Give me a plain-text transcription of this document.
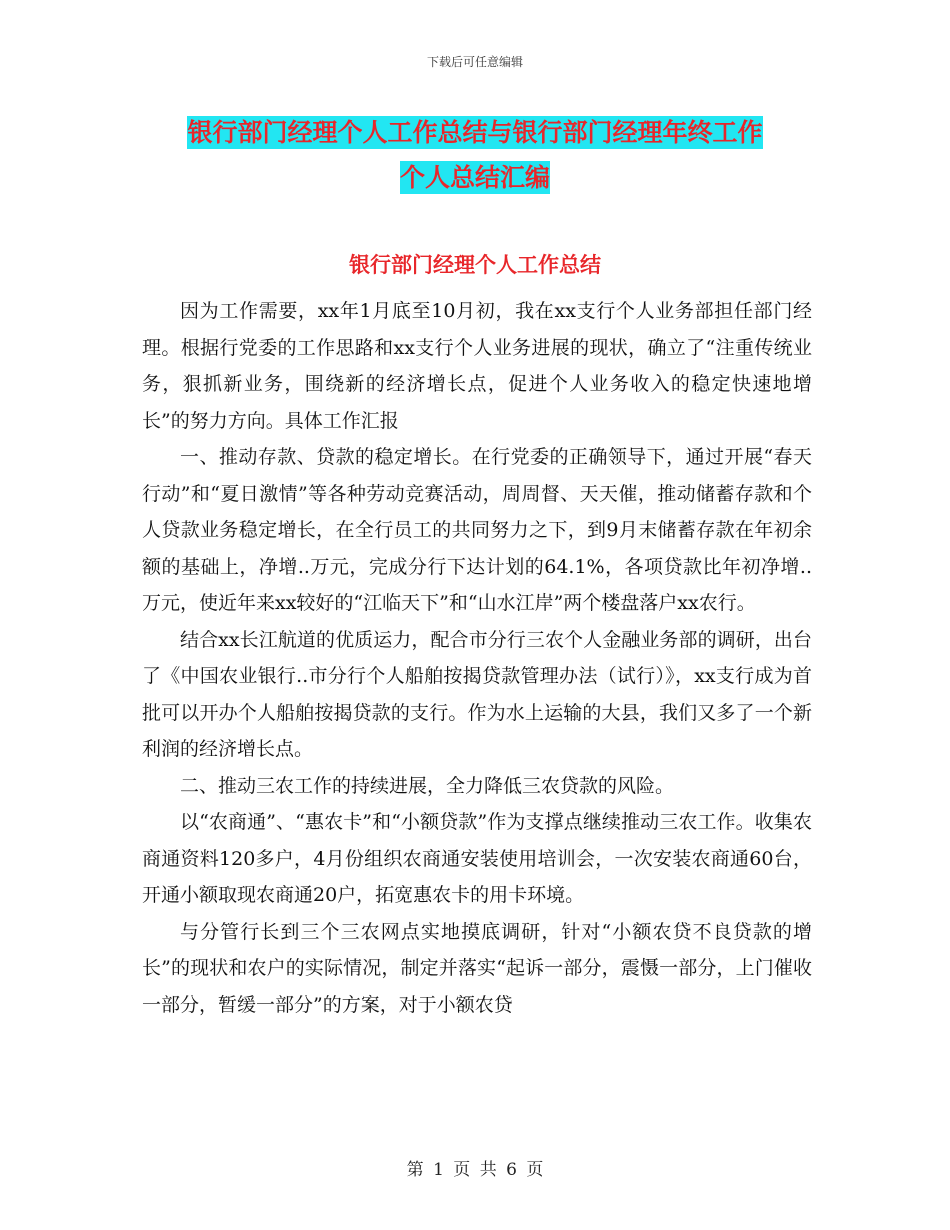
下载后可任意编辑
银行部门经理个人工作总结与银行部门经理年终工作
个人总结汇编
银行部门经理个人工作总结

因为工作需要，xx年1月底至10月初，我在xx支行个人业务部担任部门经理。根据行党委的工作思路和xx支行个人业务进展的现状，确立了“注重传统业务，狠抓新业务，围绕新的经济增长点，促进个人业务收入的稳定快速地增长”的努力方向。具体工作汇报

一、推动存款、贷款的稳定增长。在行党委的正确领导下，通过开展“春天行动”和“夏日激情”等各种劳动竞赛活动，周周督、天天催，推动储蓄存款和个人贷款业务稳定增长，在全行员工的共同努力之下，到9月末储蓄存款在年初余额的基础上，净增..万元，完成分行下达计划的64.1%，各项贷款比年初净增..万元，使近年来xx较好的“江临天下”和“山水江岸”两个楼盘落户xx农行。

结合xx长江航道的优质运力，配合市分行三农个人金融业务部的调研，出台了《中国农业银行..市分行个人船舶按揭贷款管理办法（试行）》，xx支行成为首批可以开办个人船舶按揭贷款的支行。作为水上运输的大县，我们又多了一个新利润的经济增长点。

二、推动三农工作的持续进展，全力降低三农贷款的风险。

以“农商通”、“惠农卡”和“小额贷款”作为支撑点继续推动三农工作。收集农商通资料120多户，4月份组织农商通安装使用培训会，一次安装农商通60台，开通小额取现农商通20户，拓宽惠农卡的用卡环境。

与分管行长到三个三农网点实地摸底调研，针对“小额农贷不良贷款的增长”的现状和农户的实际情况，制定并落实“起诉一部分，震慑一部分，上门催收一部分，暂缓一部分”的方案，对于小额农贷

第 1 页 共 6 页
